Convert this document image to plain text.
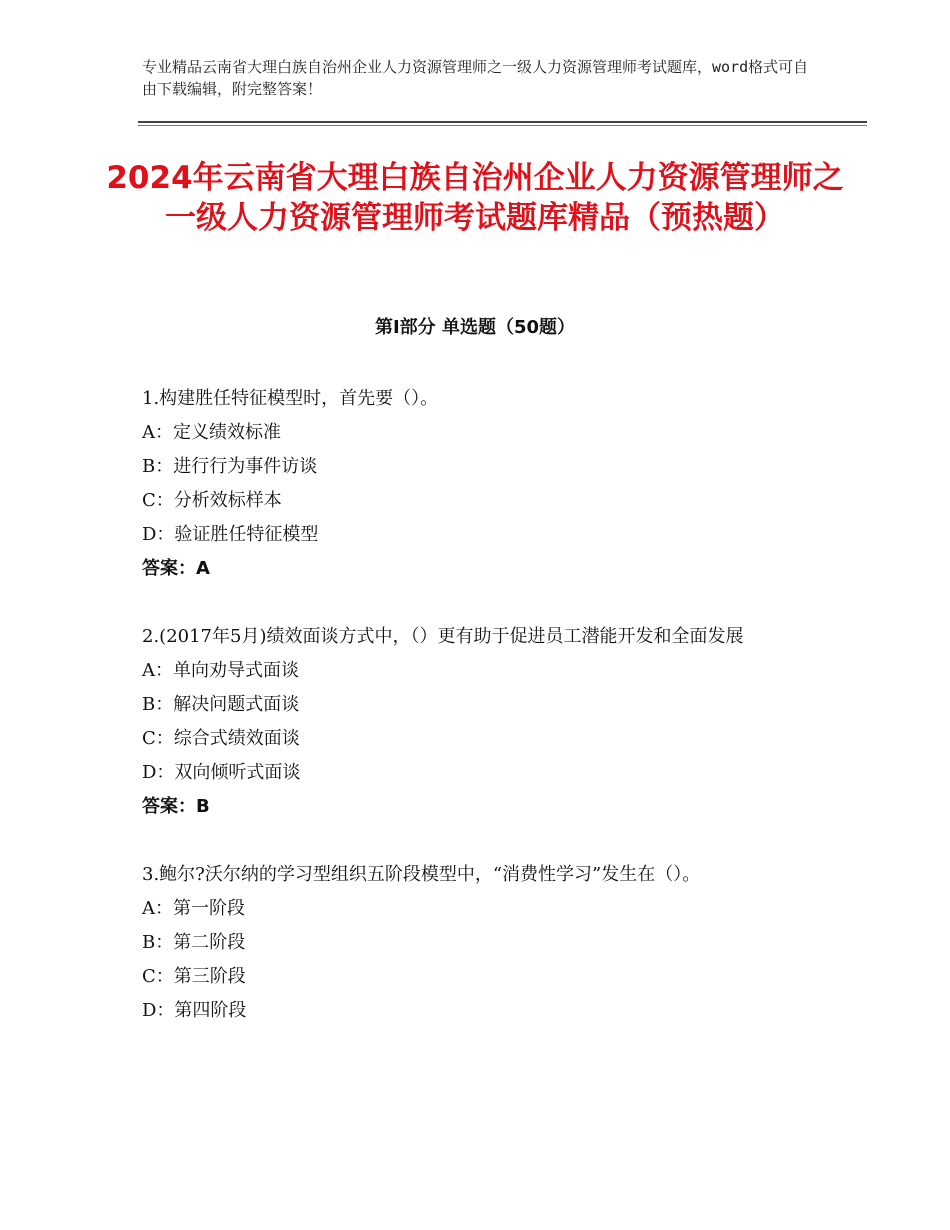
专业精品云南省大理白族自治州企业人力资源管理师之一级人力资源管理师考试题库，word格式可自由下载编辑，附完整答案！

2024年云南省大理白族自治州企业人力资源管理师之一级人力资源管理师考试题库精品（预热题）
第Ⅰ部分 单选题（50题）

1.构建胜任特征模型时，首先要（）。

A：定义绩效标准
B：进行行为事件访谈
C：分析效标样本
D：验证胜任特征模型

答案：A

2.(2017年5月)绩效面谈方式中，（）更有助于促进员工潜能开发和全面发展

A：单向劝导式面谈
B：解决问题式面谈
C：综合式绩效面谈
D：双向倾听式面谈

答案：B

3.鲍尔?沃尔纳的学习型组织五阶段模型中，“消费性学习”发生在（）。

A：第一阶段
B：第二阶段
C：第三阶段
D：第四阶段
